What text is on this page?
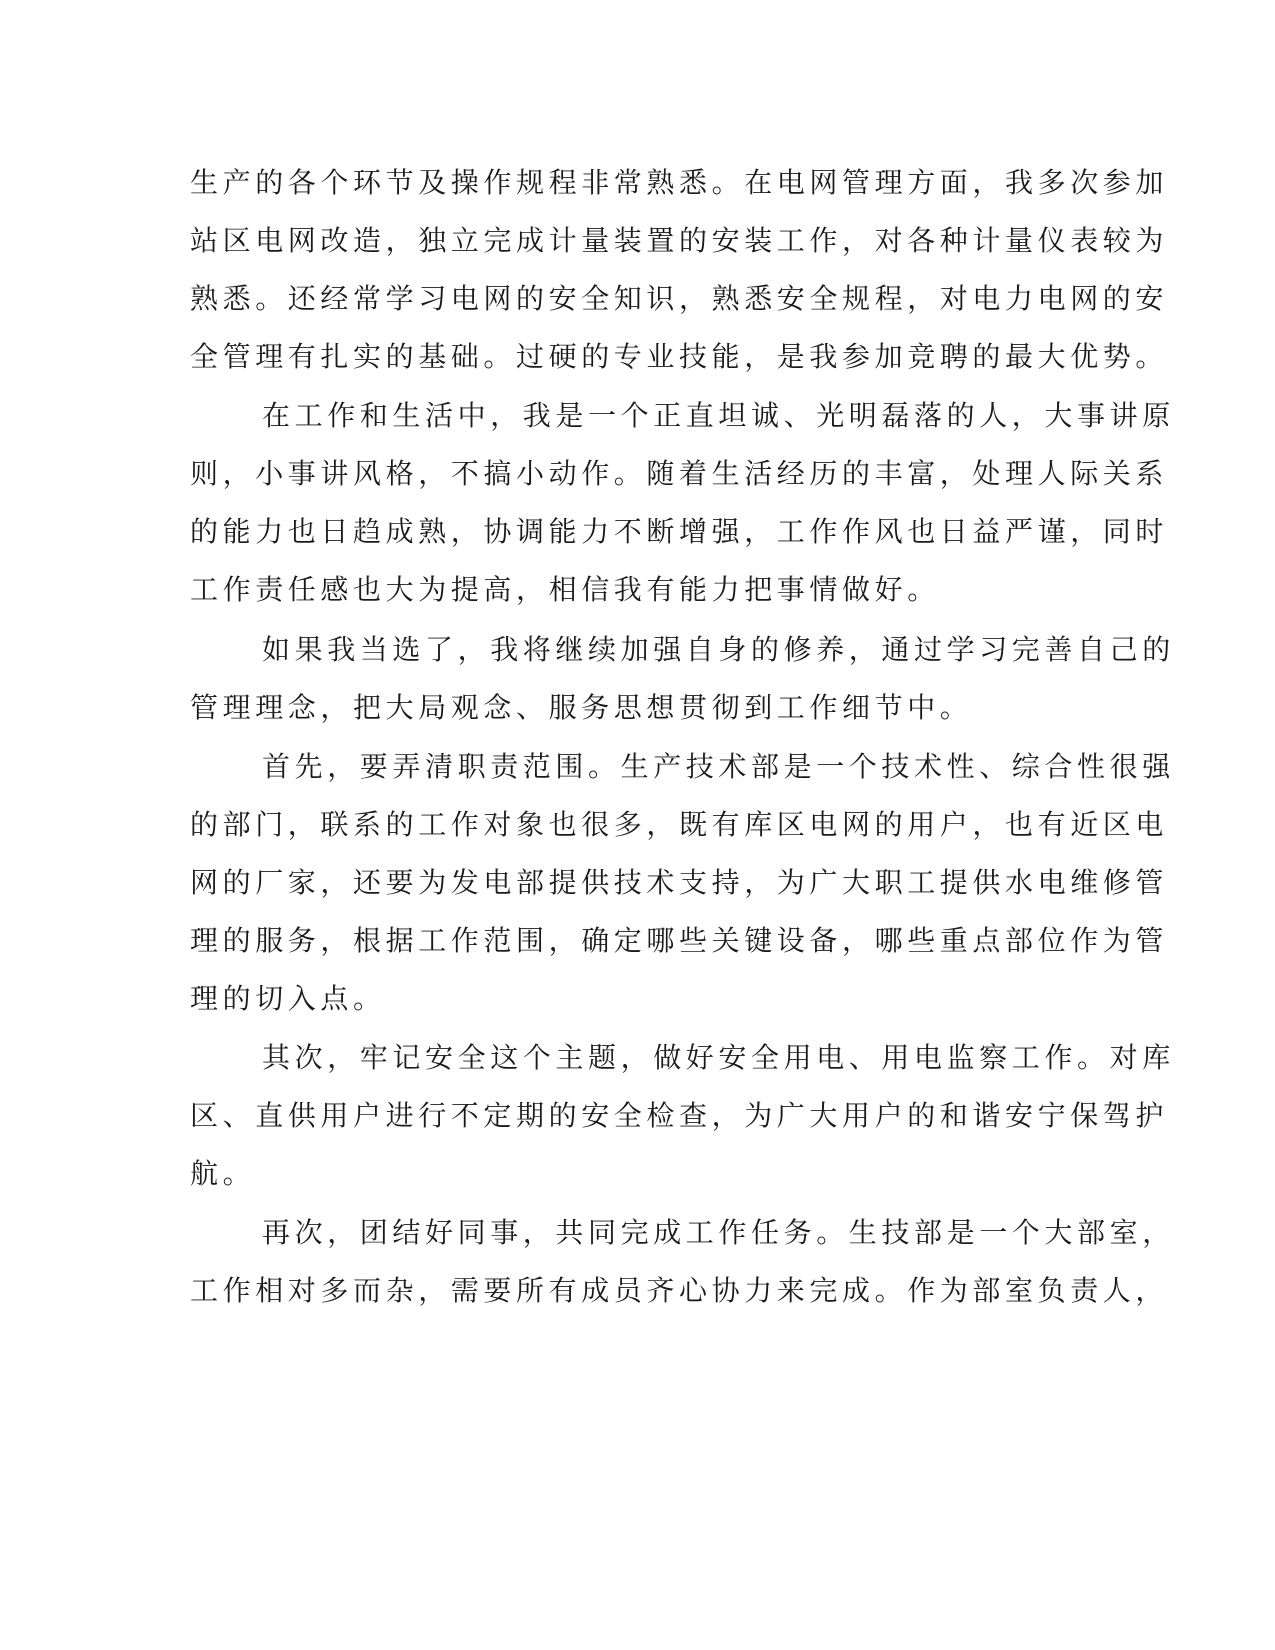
生产的各个环节及操作规程非常熟悉。在电网管理方面，我多次参加

站区电网改造，独立完成计量装置的安装工作，对各种计量仪表较为

熟悉。还经常学习电网的安全知识，熟悉安全规程，对电力电网的安

全管理有扎实的基础。过硬的专业技能，是我参加竞聘的最大优势。

在工作和生活中，我是一个正直坦诚、光明磊落的人，大事讲原

则，小事讲风格，不搞小动作。随着生活经历的丰富，处理人际关系

的能力也日趋成熟，协调能力不断增强，工作作风也日益严谨，同时

工作责任感也大为提高，相信我有能力把事情做好。

如果我当选了，我将继续加强自身的修养，通过学习完善自己的

管理理念，把大局观念、服务思想贯彻到工作细节中。

首先，要弄清职责范围。生产技术部是一个技术性、综合性很强

的部门，联系的工作对象也很多，既有库区电网的用户，也有近区电

网的厂家，还要为发电部提供技术支持，为广大职工提供水电维修管

理的服务，根据工作范围，确定哪些关键设备，哪些重点部位作为管

理的切入点。

其次，牢记安全这个主题，做好安全用电、用电监察工作。对库

区、直供用户进行不定期的安全检查，为广大用户的和谐安宁保驾护

航。

再次，团结好同事，共同完成工作任务。生技部是一个大部室，

工作相对多而杂，需要所有成员齐心协力来完成。作为部室负责人，
